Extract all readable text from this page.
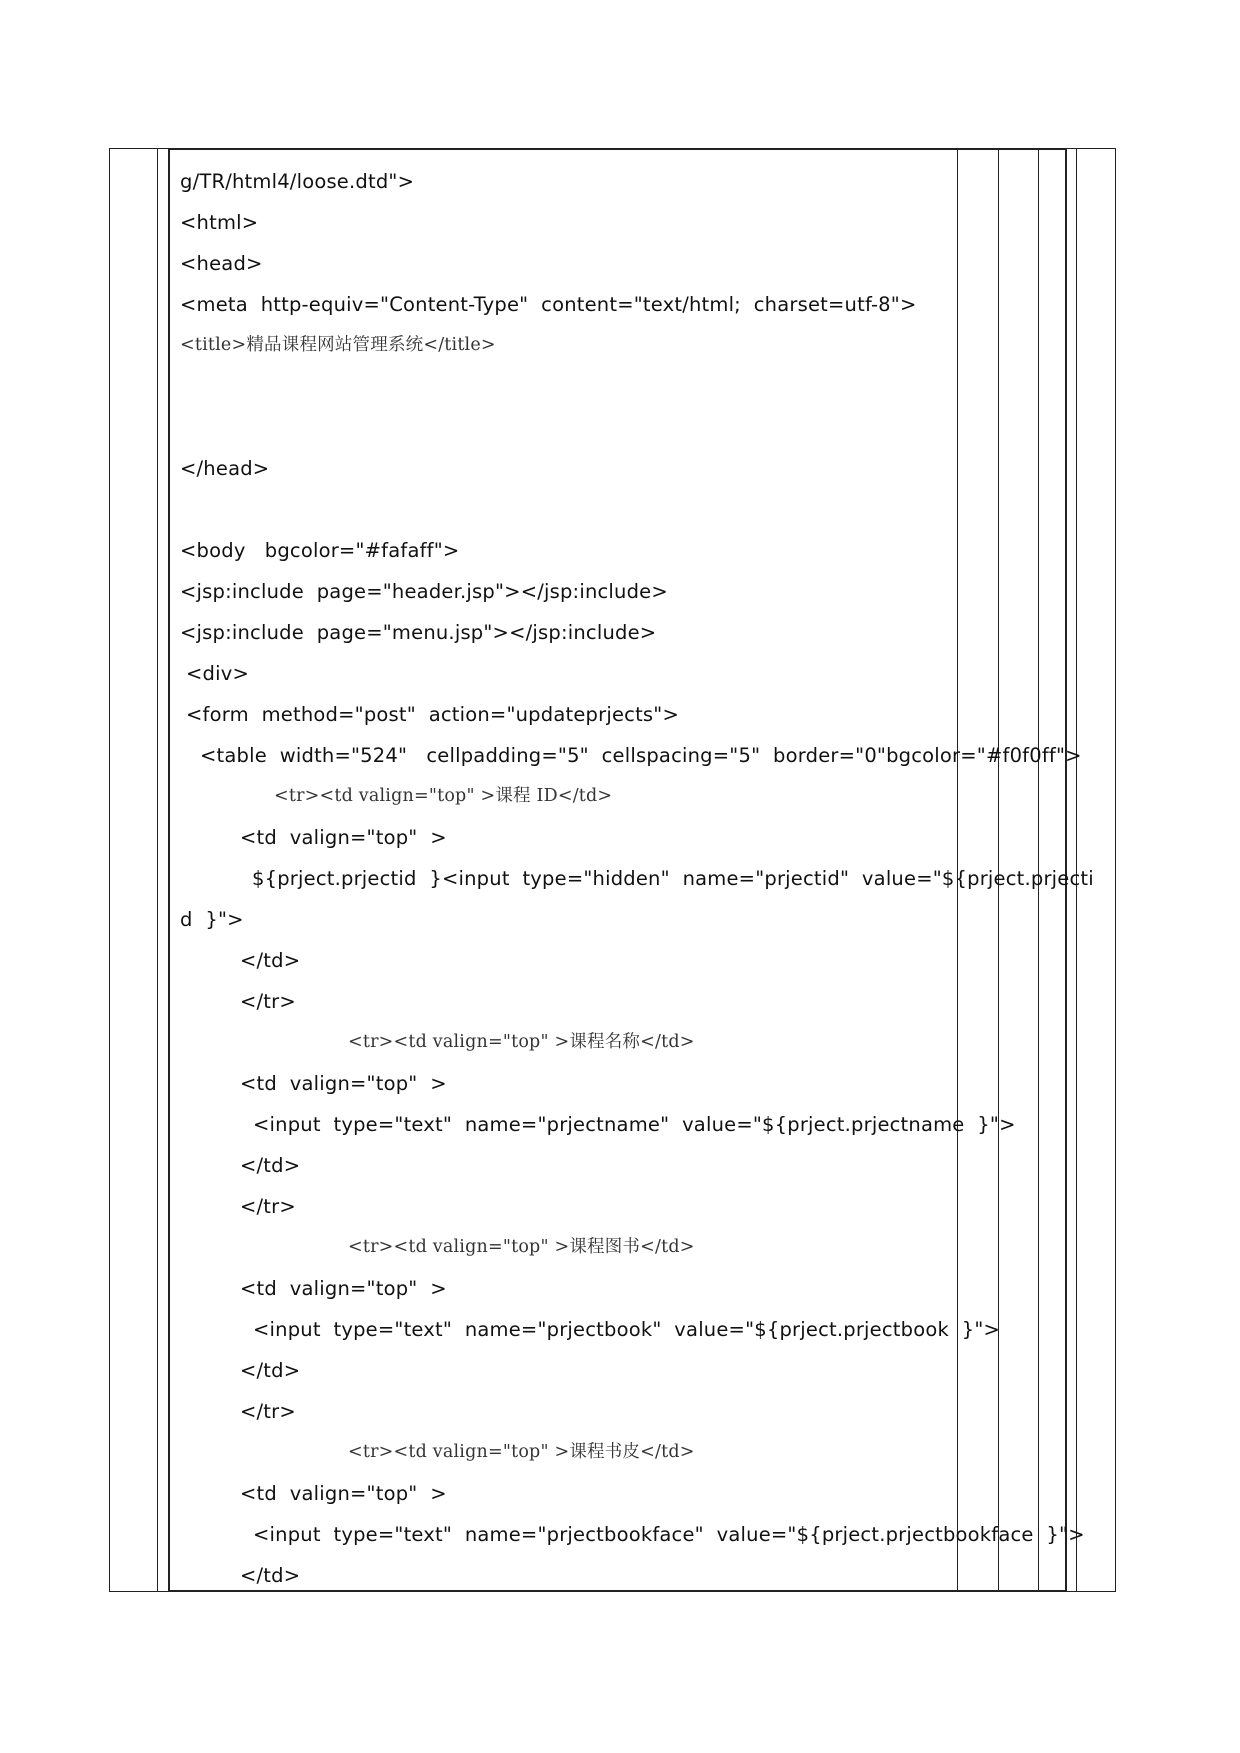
g/TR/html4/loose.dtd">
<html>
<head>
<meta  http-equiv="Content-Type"  content="text/html;  charset=utf-8">
<title>精品课程网站管理系统</title>
</head>
<body   bgcolor="#fafaff">
<jsp:include  page="header.jsp"></jsp:include>
<jsp:include  page="menu.jsp"></jsp:include>
<div>
<form  method="post"  action="updateprjects">
<table  width="524"   cellpadding="5"  cellspacing="5"  border="0"bgcolor="#f0f0ff">
<tr><td valign="top" >课程 ID</td>
<td  valign="top"  >
${prject.prjectid  }<input  type="hidden"  name="prjectid"  value="${prject.prjecti
d  }">
</td>
</tr>
<tr><td valign="top" >课程名称</td>
<td  valign="top"  >
<input  type="text"  name="prjectname"  value="${prject.prjectname  }">
</td>
</tr>
<tr><td valign="top" >课程图书</td>
<td  valign="top"  >
<input  type="text"  name="prjectbook"  value="${prject.prjectbook  }">
</td>
</tr>
<tr><td valign="top" >课程书皮</td>
<td  valign="top"  >
<input  type="text"  name="prjectbookface"  value="${prject.prjectbookface  }">
</td>
